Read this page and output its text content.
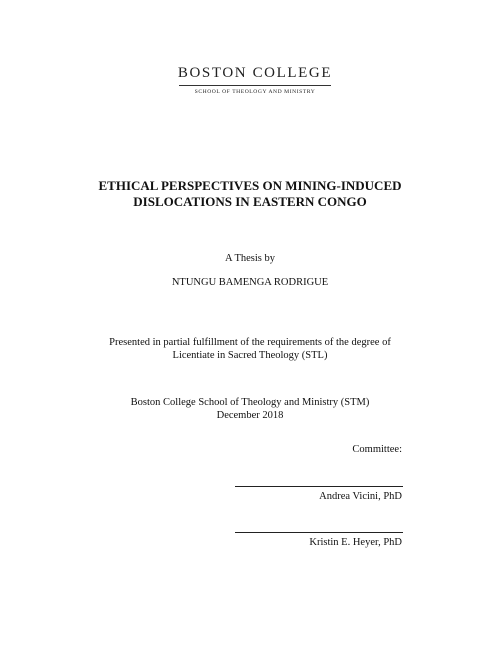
BOSTON COLLEGE
SCHOOL OF THEOLOGY AND MINISTRY
ETHICAL PERSPECTIVES ON MINING-INDUCED
DISLOCATIONS IN EASTERN CONGO
A Thesis by
NTUNGU BAMENGA RODRIGUE
Presented in partial fulfillment of the requirements of the degree of
Licentiate in Sacred Theology (STL)
Boston College School of Theology and Ministry (STM)
December 2018
Committee:
Andrea Vicini, PhD
Kristin E. Heyer, PhD
